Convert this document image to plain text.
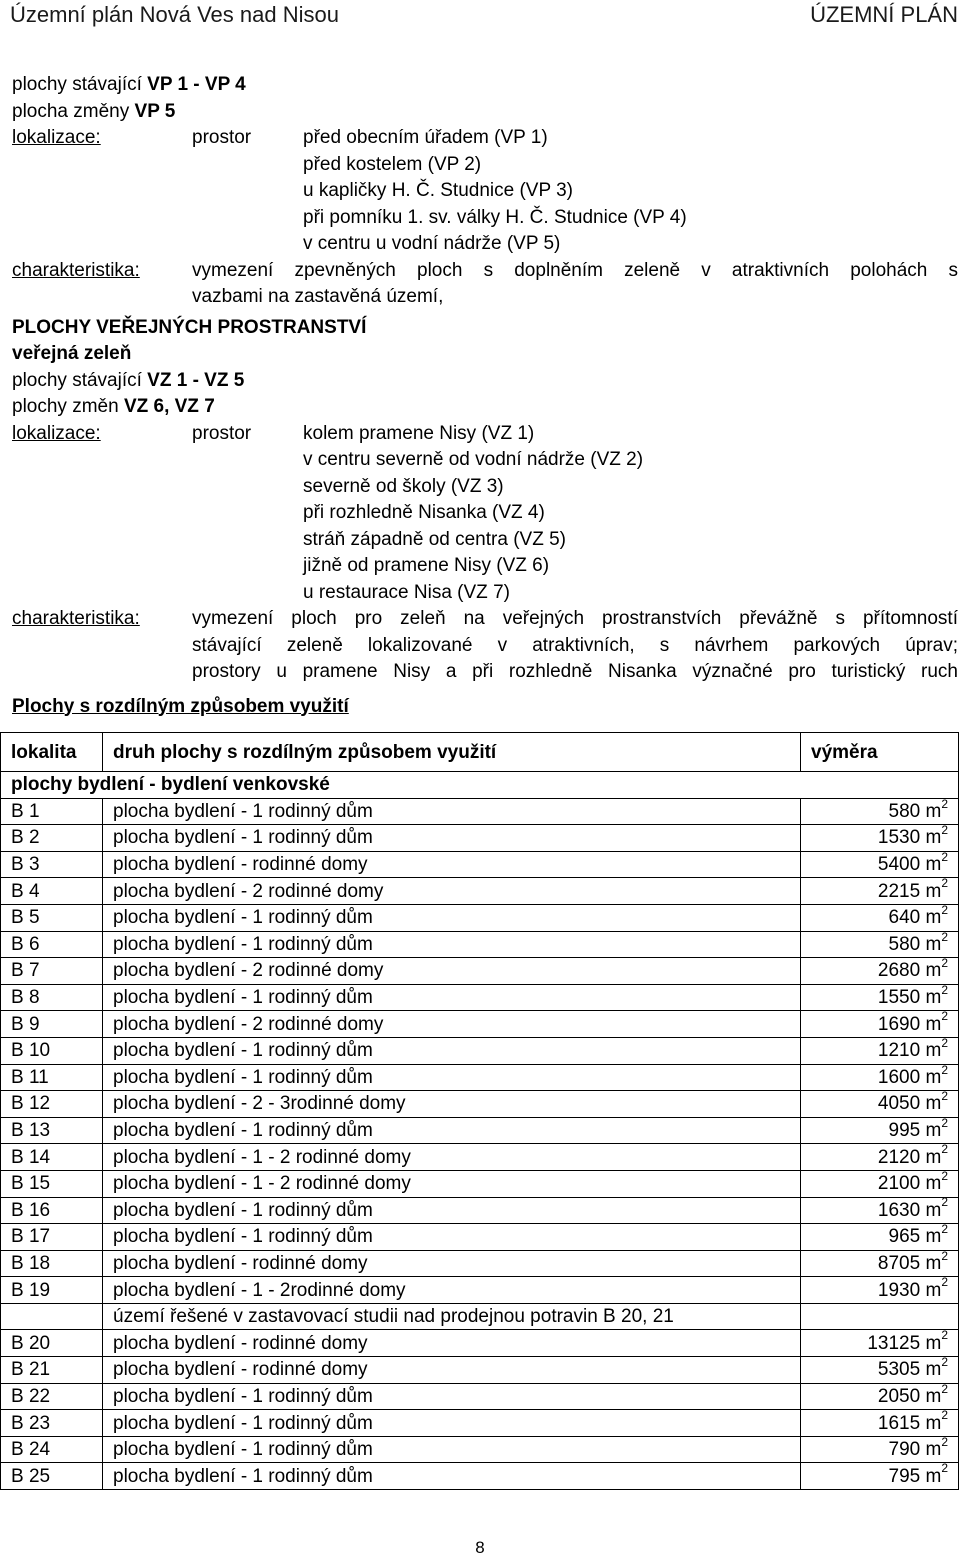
Územní plán Nová Ves nad Nisou	ÚZEMNÍ PLÁN
plochy stávající VP 1 - VP 4
plocha změny VP 5
lokalizace:	prostor	před obecním úřadem (VP 1)
před kostelem (VP 2)
u kapličky H. Č. Studnice (VP 3)
při pomníku 1. sv. války H. Č. Studnice (VP 4)
v centru u vodní nádrže (VP 5)
charakteristika:	vymezení zpevněných ploch s doplněním zeleně v atraktivních polohách s
vazbami na zastavěná území,
PLOCHY VEŘEJNÝCH PROSTRANSTVÍ
veřejná zeleň
plochy stávající VZ 1 - VZ 5
plochy změn VZ 6, VZ 7
lokalizace:	prostor	kolem pramene Nisy (VZ 1)
v centru severně od vodní nádrže (VZ 2)
severně od školy (VZ 3)
při rozhledně Nisanka (VZ 4)
stráň západně od centra (VZ 5)
jižně od pramene Nisy (VZ 6)
u restaurace Nisa (VZ 7)
charakteristika:	vymezení ploch pro zeleň na veřejných prostranstvích převážně s přítomností
stávající zeleně lokalizované v atraktivních, s návrhem parkových úprav;
prostory u pramene Nisy a při rozhledně Nisanka význačné pro turistický ruch
Plochy s rozdílným způsobem využití
lokalita	druh plochy s rozdílným způsobem využití	výměra
plochy bydlení - bydlení venkovské		
B 1	plocha bydlení - 1 rodinný dům	580 $m^2$
B 2	plocha bydlení - 1 rodinný dům	1530 $m^2$
B 3	plocha bydlení - rodinné domy	5400 $m^2$
B 4	plocha bydlení - 2 rodinné domy	2215 $m^2$
B 5	plocha bydlení - 1 rodinný dům	640 $m^2$
B 6	plocha bydlení - 1 rodinný dům	580 $m^2$
B 7	plocha bydlení - 2 rodinné domy	2680 $m^2$
B 8	plocha bydlení - 1 rodinný dům	1550 $m^2$
B 9	plocha bydlení - 2 rodinné domy	1690 $m^2$
B 10	plocha bydlení - 1 rodinný dům	1210 $m^2$
B 11	plocha bydlení - 1 rodinný dům	1600 $m^2$
B 12	plocha bydlení - 2 - 3rodinné domy	4050 $m^2$
B 13	plocha bydlení - 1 rodinný dům	995 $m^2$
B 14	plocha bydlení - 1 - 2 rodinné domy	2120 $m^2$
B 15	plocha bydlení - 1 - 2 rodinné domy	2100 $m^2$
B 16	plocha bydlení - 1 rodinný dům	1630 $m^2$
B 17	plocha bydlení - 1 rodinný dům	965 $m^2$
B 18	plocha bydlení - rodinné domy	8705 $m^2$
B 19	plocha bydlení - 1 - 2rodinné domy	1930 $m^2$
	území řešené v zastavovací studii nad prodejnou potravin B 20, 21	
B 20	plocha bydlení - rodinné domy	13125 $m^2$
B 21	plocha bydlení - rodinné domy	5305 $m^2$
B 22	plocha bydlení - 1 rodinný dům	2050 $m^2$
B 23	plocha bydlení - 1 rodinný dům	1615 $m^2$
B 24	plocha bydlení - 1 rodinný dům	790 $m^2$
B 25	plocha bydlení - 1 rodinný dům	795 $m^2$
8
